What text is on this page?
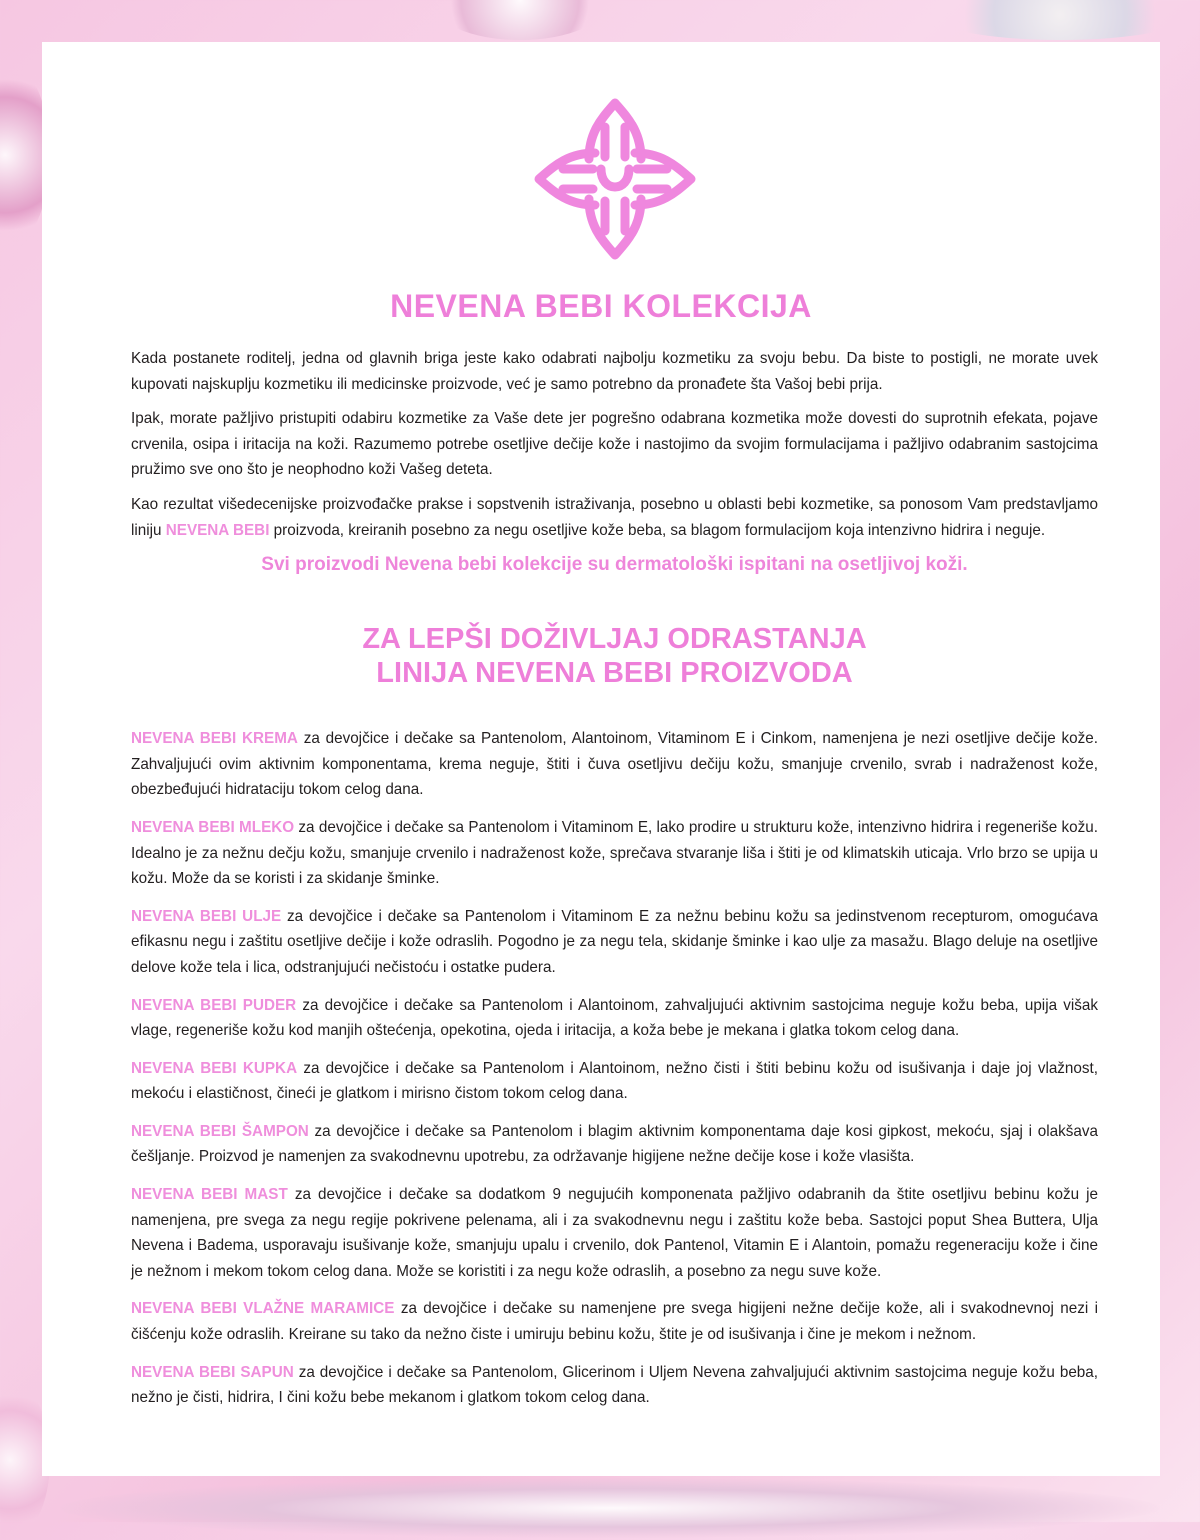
NEVENA BEBI KOLEKCIJA

Kada postanete roditelj, jedna od glavnih briga jeste kako odabrati najbolju kozmetiku za svoju bebu. Da biste to postigli, ne morate uvek kupovati najskuplju kozmetiku ili medicinske proizvode, već je samo potrebno da pronađete šta Vašoj bebi prija.

Ipak, morate pažljivo pristupiti odabiru kozmetike za Vaše dete jer pogrešno odabrana kozmetika može dovesti do suprotnih efekata, pojave crvenila, osipa i iritacija na koži. Razumemo potrebe osetljive dečije kože i nastojimo da svojim formulacijama i pažljivo odabranim sastojcima pružimo sve ono što je neophodno koži Vašeg deteta.

Kao rezultat višedecenijske proizvođačke prakse i sopstvenih istraživanja, posebno u oblasti bebi kozmetike, sa ponosom Vam predstavljamo liniju NEVENA BEBI proizvoda, kreiranih posebno za negu osetljive kože beba, sa blagom formulacijom koja intenzivno hidrira i neguje.

Svi proizvodi Nevena bebi kolekcije su dermatološki ispitani na osetljivoj koži.

ZA LEPŠI DOŽIVLJAJ ODRASTANJA

LINIJA NEVENA BEBI PROIZVODA

NEVENA BEBI KREMA za devojčice i dečake sa Pantenolom, Alantoinom, Vitaminom E i Cinkom, namenjena je nezi osetljive dečije kože. Zahvaljujući ovim aktivnim komponentama, krema neguje, štiti i čuva osetljivu dečiju kožu, smanjuje crvenilo, svrab i nadraženost kože, obezbeđujući hidrataciju tokom celog dana.

NEVENA BEBI MLEKO za devojčice i dečake sa Pantenolom i Vitaminom E, lako prodire u strukturu kože, intenzivno hidrira i regeneriše kožu. Idealno je za nežnu dečju kožu, smanjuje crvenilo i nadraženost kože, sprečava stvaranje liša i štiti je od klimatskih uticaja. Vrlo brzo se upija u kožu. Može da se koristi i za skidanje šminke.

NEVENA BEBI ULJE za devojčice i dečake sa Pantenolom i Vitaminom E za nežnu bebinu kožu sa jedinstvenom recepturom, omogućava efikasnu negu i zaštitu osetljive dečije i kože odraslih. Pogodno je za negu tela, skidanje šminke i kao ulje za masažu. Blago deluje na osetljive delove kože tela i lica, odstranjujući nečistoću i ostatke pudera.

NEVENA BEBI PUDER za devojčice i dečake sa Pantenolom i Alantoinom, zahvaljujući aktivnim sastojcima neguje kožu beba, upija višak vlage, regeneriše kožu kod manjih oštećenja, opekotina, ojeda i iritacija, a koža bebe je mekana i glatka tokom celog dana.

NEVENA BEBI KUPKA za devojčice i dečake sa Pantenolom i Alantoinom, nežno čisti i štiti bebinu kožu od isušivanja i daje joj vlažnost, mekoću i elastičnost, čineći je glatkom i mirisno čistom tokom celog dana.

NEVENA BEBI ŠAMPON za devojčice i dečake sa Pantenolom i blagim aktivnim komponentama daje kosi gipkost, mekoću, sjaj i olakšava češljanje. Proizvod je namenjen za svakodnevnu upotrebu, za održavanje higijene nežne dečije kose i kože vlasišta.

NEVENA BEBI MAST za devojčice i dečake sa dodatkom 9 negujućih komponenata pažljivo odabranih da štite osetljivu bebinu kožu je namenjena, pre svega za negu regije pokrivene pelenama, ali i za svakodnevnu negu i zaštitu kože beba. Sastojci poput Shea Buttera, Ulja Nevena i Badema, usporavaju isušivanje kože, smanjuju upalu i crvenilo, dok Pantenol, Vitamin E i Alantoin, pomažu regeneraciju kože i čine je nežnom i mekom tokom celog dana. Može se koristiti i za negu kože odraslih, a posebno za negu suve kože.

NEVENA BEBI VLAŽNE MARAMICE za devojčice i dečake su namenjene pre svega higijeni nežne dečije kože, ali i svakodnevnoj nezi i čišćenju kože odraslih. Kreirane su tako da nežno čiste i umiruju bebinu kožu, štite je od isušivanja i čine je mekom i nežnom.

NEVENA BEBI SAPUN za devojčice i dečake sa Pantenolom, Glicerinom i Uljem Nevena zahvaljujući aktivnim sastojcima neguje kožu beba, nežno je čisti, hidrira, I čini kožu bebe mekanom i glatkom tokom celog dana.
